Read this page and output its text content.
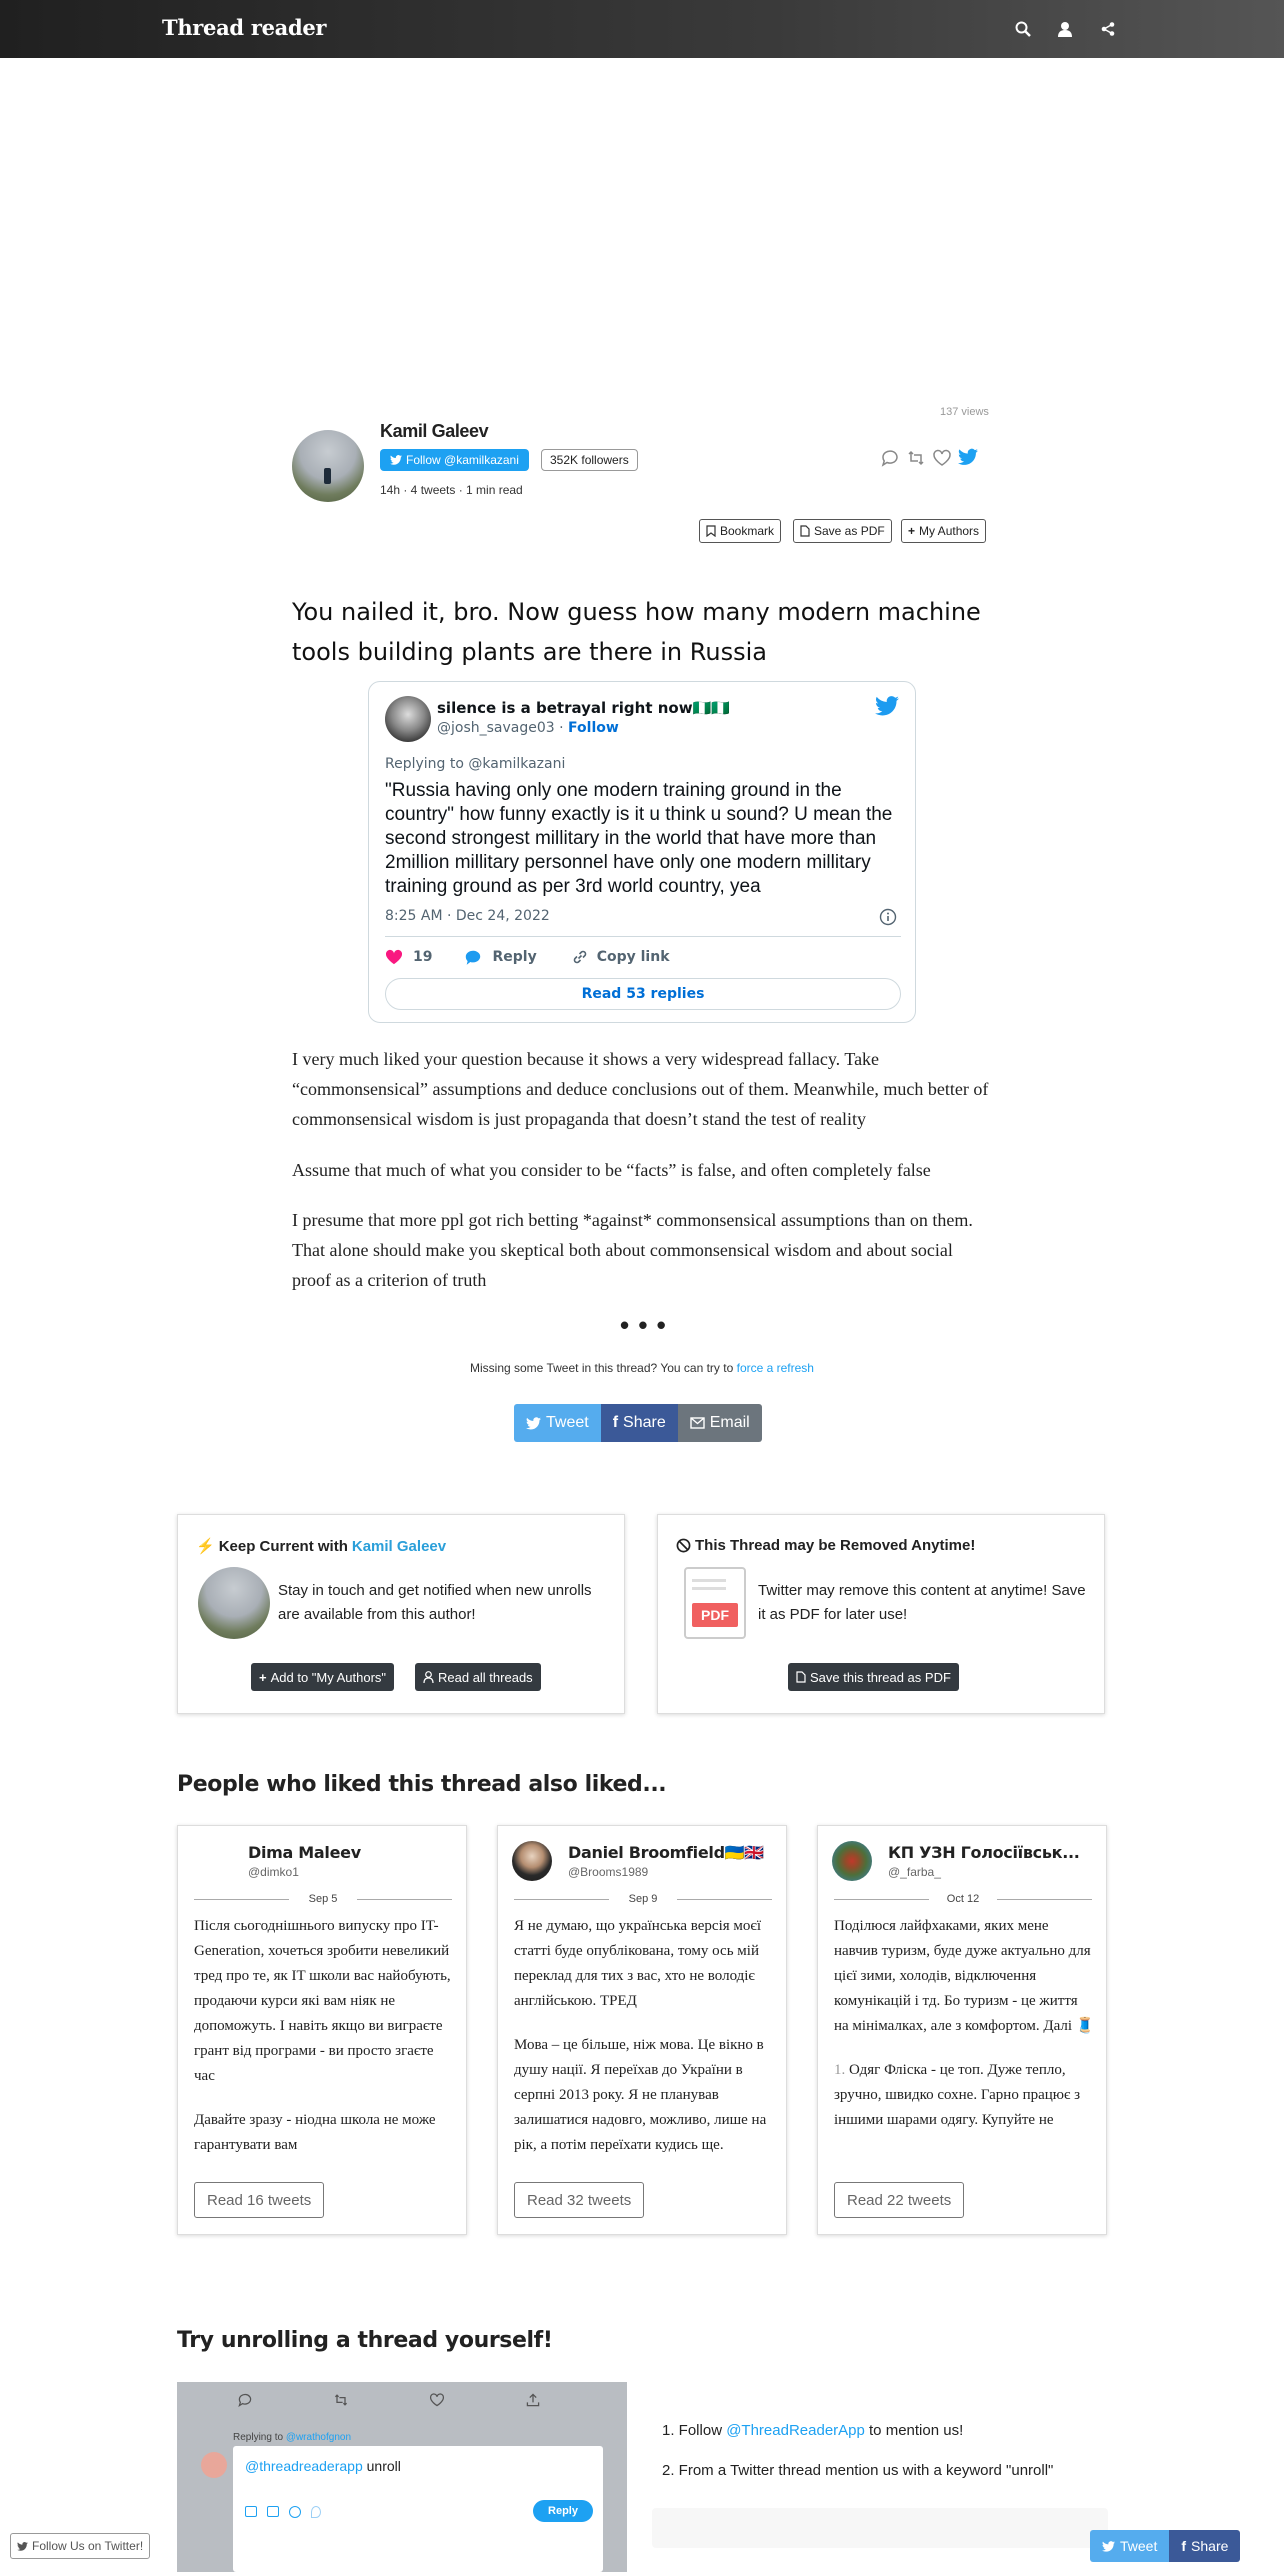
Thread reader
137 views
Kamil Galeev
Follow @kamilkazani	352K followers
14h · 4 tweets · 1 min read
Bookmark	Save as PDF + My Authors
You nailed it, bro. Now guess how many modern machine tools building plants are there in Russia
silence is a betrayal right now🇳🇬🇳🇬
@josh_savage03 · Follow
Replying to @kamilkazani
"Russia having only one modern training ground in the country" how funny exactly is it u think u sound? U mean the second strongest millitary in the world that have more than 2million millitary personnel have only one modern millitary training ground as per 3rd world country, yea
8:25 AM · Dec 24, 2022
19	Reply	Copy link
Read 53 replies
I very much liked your question because it shows a very widespread fallacy. Take “commonsensical” assumptions and deduce conclusions out of them. Meanwhile, much better of commonsensical wisdom is just propaganda that doesn’t stand the test of reality
Assume that much of what you consider to be “facts” is false, and often completely false
I presume that more ppl got rich betting *against* commonsensical assumptions than on them. That alone should make you skeptical both about commonsensical wisdom and about social proof as a criterion of truth
• • •
Missing some Tweet in this thread? You can try to force a refresh
Tweet f Share	Email
⚡ Keep Current with Kamil Galeev
Stay in touch and get notified when new unrolls are available from this author!
+ Add to "My Authors"	Read all threads
This Thread may be Removed Anytime!
PDF
Twitter may remove this content at anytime! Save it as PDF for later use!
Save this thread as PDF
People who liked this thread also liked...
Dima Maleev
@dimko1
Sep 5

Після сьогоднішнього випуску про IT-Generation, хочеться зробити невеликий тред про те, як IT школи вас найобують, продаючи курси які вам ніяк не допоможуть. І навіть якщо ви виграєте грант від програми - ви просто згаєте час

Давайте зразу - ніодна школа не може гарантувати вам

Read 16 tweets
Daniel Broomfield🇺🇦🇬🇧
@Brooms1989
Sep 9

Я не думаю, що українська версія моєї статті буде опублікована, тому ось мій переклад для тих з вас, хто не володіє англійською. ТРЕД

Мова – це більше, ніж мова. Це вікно в душу нації. Я переїхав до України в серпні 2013 року. Я не планував залишатися надовго, можливо, лише на рік, а потім переїхати кудись ще.

Read 32 tweets
КП УЗН Голосіївськ...
@_farba_
Oct 12

Поділюся лайфхаками, яких мене навчив туризм, буде дуже актуально для цієї зими, холодів, відключення комунікацій і тд. Бо туризм - це життя на мінімалках, але з комфортом. Далі 🧵

1. Одяг Фліска - це топ. Дуже тепло, зручно, швидко сохне. Гарно працює з іншими шарами одягу. Купуйте не

Read 22 tweets
Try unrolling a thread yourself!
Replying to @wrathofgnon
@threadreaderapp unroll
Reply
1. Follow @ThreadReaderApp to mention us!
2. From a Twitter thread mention us with a keyword "unroll"
Follow Us on Twitter!	Tweet f Share
